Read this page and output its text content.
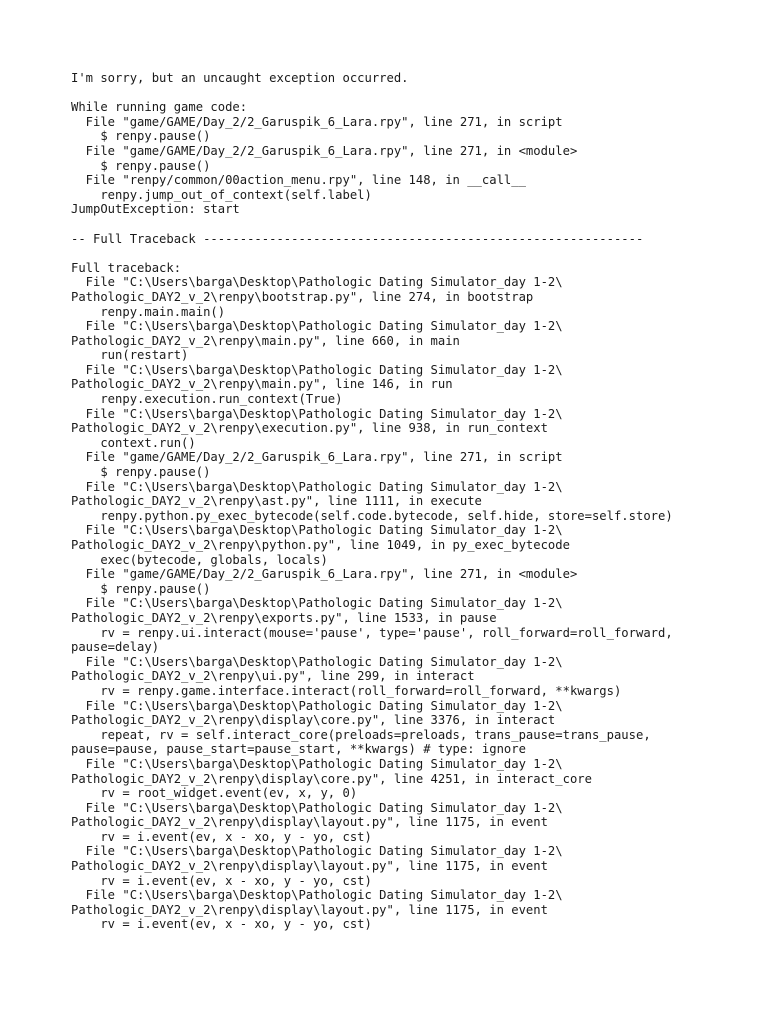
I'm sorry, but an uncaught exception occurred.
While running game code:
File "game/GAME/Day_2/2_Garuspik_6_Lara.rpy", line 271, in script
$ renpy.pause()
File "game/GAME/Day_2/2_Garuspik_6_Lara.rpy", line 271, in <module>
$ renpy.pause()
File "renpy/common/00action_menu.rpy", line 148, in __call__
renpy.jump_out_of_context(self.label)
JumpOutException: start
-- Full Traceback ------------------------------------------------------------
Full traceback:
File "C:\Users\barga\Desktop\Pathologic Dating Simulator_day 1-2\
Pathologic_DAY2_v_2\renpy\bootstrap.py", line 274, in bootstrap
renpy.main.main()
File "C:\Users\barga\Desktop\Pathologic Dating Simulator_day 1-2\
Pathologic_DAY2_v_2\renpy\main.py", line 660, in main
run(restart)
File "C:\Users\barga\Desktop\Pathologic Dating Simulator_day 1-2\
Pathologic_DAY2_v_2\renpy\main.py", line 146, in run
renpy.execution.run_context(True)
File "C:\Users\barga\Desktop\Pathologic Dating Simulator_day 1-2\
Pathologic_DAY2_v_2\renpy\execution.py", line 938, in run_context
context.run()
File "game/GAME/Day_2/2_Garuspik_6_Lara.rpy", line 271, in script
$ renpy.pause()
File "C:\Users\barga\Desktop\Pathologic Dating Simulator_day 1-2\
Pathologic_DAY2_v_2\renpy\ast.py", line 1111, in execute
renpy.python.py_exec_bytecode(self.code.bytecode, self.hide, store=self.store)
File "C:\Users\barga\Desktop\Pathologic Dating Simulator_day 1-2\
Pathologic_DAY2_v_2\renpy\python.py", line 1049, in py_exec_bytecode
exec(bytecode, globals, locals)
File "game/GAME/Day_2/2_Garuspik_6_Lara.rpy", line 271, in <module>
$ renpy.pause()
File "C:\Users\barga\Desktop\Pathologic Dating Simulator_day 1-2\
Pathologic_DAY2_v_2\renpy\exports.py", line 1533, in pause
rv = renpy.ui.interact(mouse='pause', type='pause', roll_forward=roll_forward,
pause=delay)
File "C:\Users\barga\Desktop\Pathologic Dating Simulator_day 1-2\
Pathologic_DAY2_v_2\renpy\ui.py", line 299, in interact
rv = renpy.game.interface.interact(roll_forward=roll_forward, **kwargs)
File "C:\Users\barga\Desktop\Pathologic Dating Simulator_day 1-2\
Pathologic_DAY2_v_2\renpy\display\core.py", line 3376, in interact
repeat, rv = self.interact_core(preloads=preloads, trans_pause=trans_pause,
pause=pause, pause_start=pause_start, **kwargs) # type: ignore
File "C:\Users\barga\Desktop\Pathologic Dating Simulator_day 1-2\
Pathologic_DAY2_v_2\renpy\display\core.py", line 4251, in interact_core
rv = root_widget.event(ev, x, y, 0)
File "C:\Users\barga\Desktop\Pathologic Dating Simulator_day 1-2\
Pathologic_DAY2_v_2\renpy\display\layout.py", line 1175, in event
rv = i.event(ev, x - xo, y - yo, cst)
File "C:\Users\barga\Desktop\Pathologic Dating Simulator_day 1-2\
Pathologic_DAY2_v_2\renpy\display\layout.py", line 1175, in event
rv = i.event(ev, x - xo, y - yo, cst)
File "C:\Users\barga\Desktop\Pathologic Dating Simulator_day 1-2\
Pathologic_DAY2_v_2\renpy\display\layout.py", line 1175, in event
rv = i.event(ev, x - xo, y - yo, cst)
